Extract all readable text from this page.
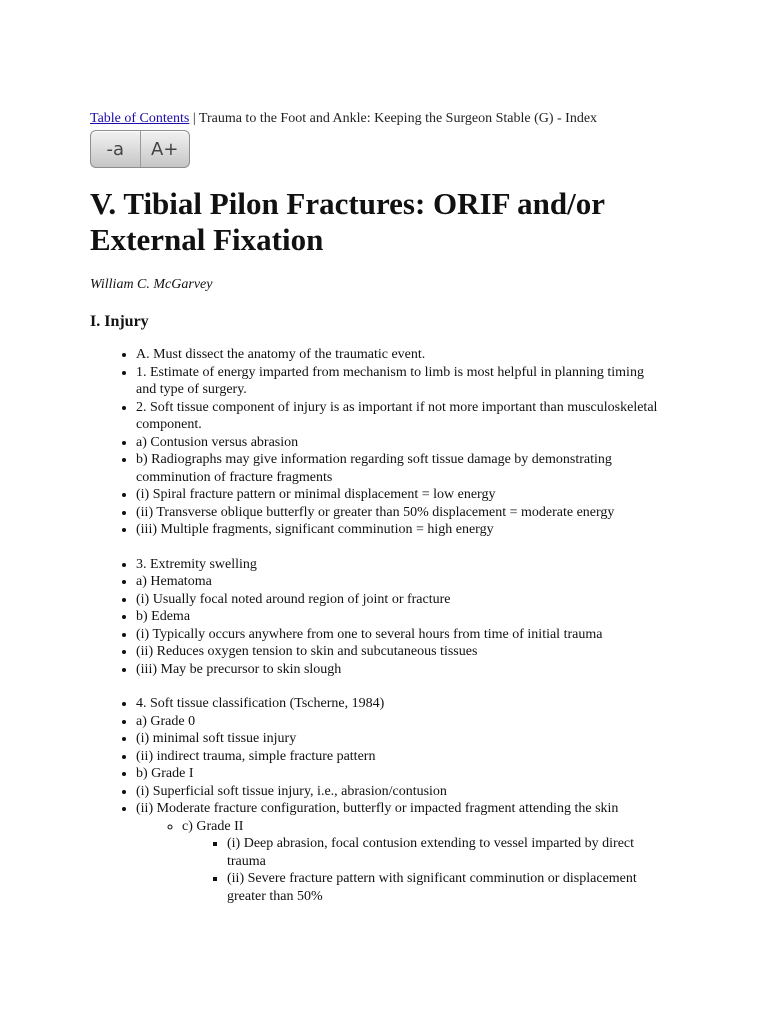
Table of Contents | Trauma to the Foot and Ankle: Keeping the Surgeon Stable (G) - Index
-a	A+
V. Tibial Pilon Fractures: ORIF and/or External Fixation
William C. McGarvey
I. Injury
• A. Must dissect the anatomy of the traumatic event.
• 1. Estimate of energy imparted from mechanism to limb is most helpful in planning timing and type of surgery.
• 2. Soft tissue component of injury is as important if not more important than musculoskeletal component.
• a) Contusion versus abrasion
• b) Radiographs may give information regarding soft tissue damage by demonstrating comminution of fracture fragments
• (i) Spiral fracture pattern or minimal displacement = low energy
• (ii) Transverse oblique butterfly or greater than 50% displacement = moderate energy
• (iii) Multiple fragments, significant comminution = high energy
• 3. Extremity swelling
• a) Hematoma
• (i) Usually focal noted around region of joint or fracture
• b) Edema
• (i) Typically occurs anywhere from one to several hours from time of initial trauma
• (ii) Reduces oxygen tension to skin and subcutaneous tissues
• (iii) May be precursor to skin slough
• 4. Soft tissue classification (Tscherne, 1984)
• a) Grade 0
• (i) minimal soft tissue injury
• (ii) indirect trauma, simple fracture pattern
• b) Grade I
• (i) Superficial soft tissue injury, i.e., abrasion/contusion
• (ii) Moderate fracture configuration, butterfly or impacted fragment attending the skin
◦ c) Grade II
▪ (i) Deep abrasion, focal contusion extending to vessel imparted by direct trauma
▪ (ii) Severe fracture pattern with significant comminution or displacement greater than 50%
